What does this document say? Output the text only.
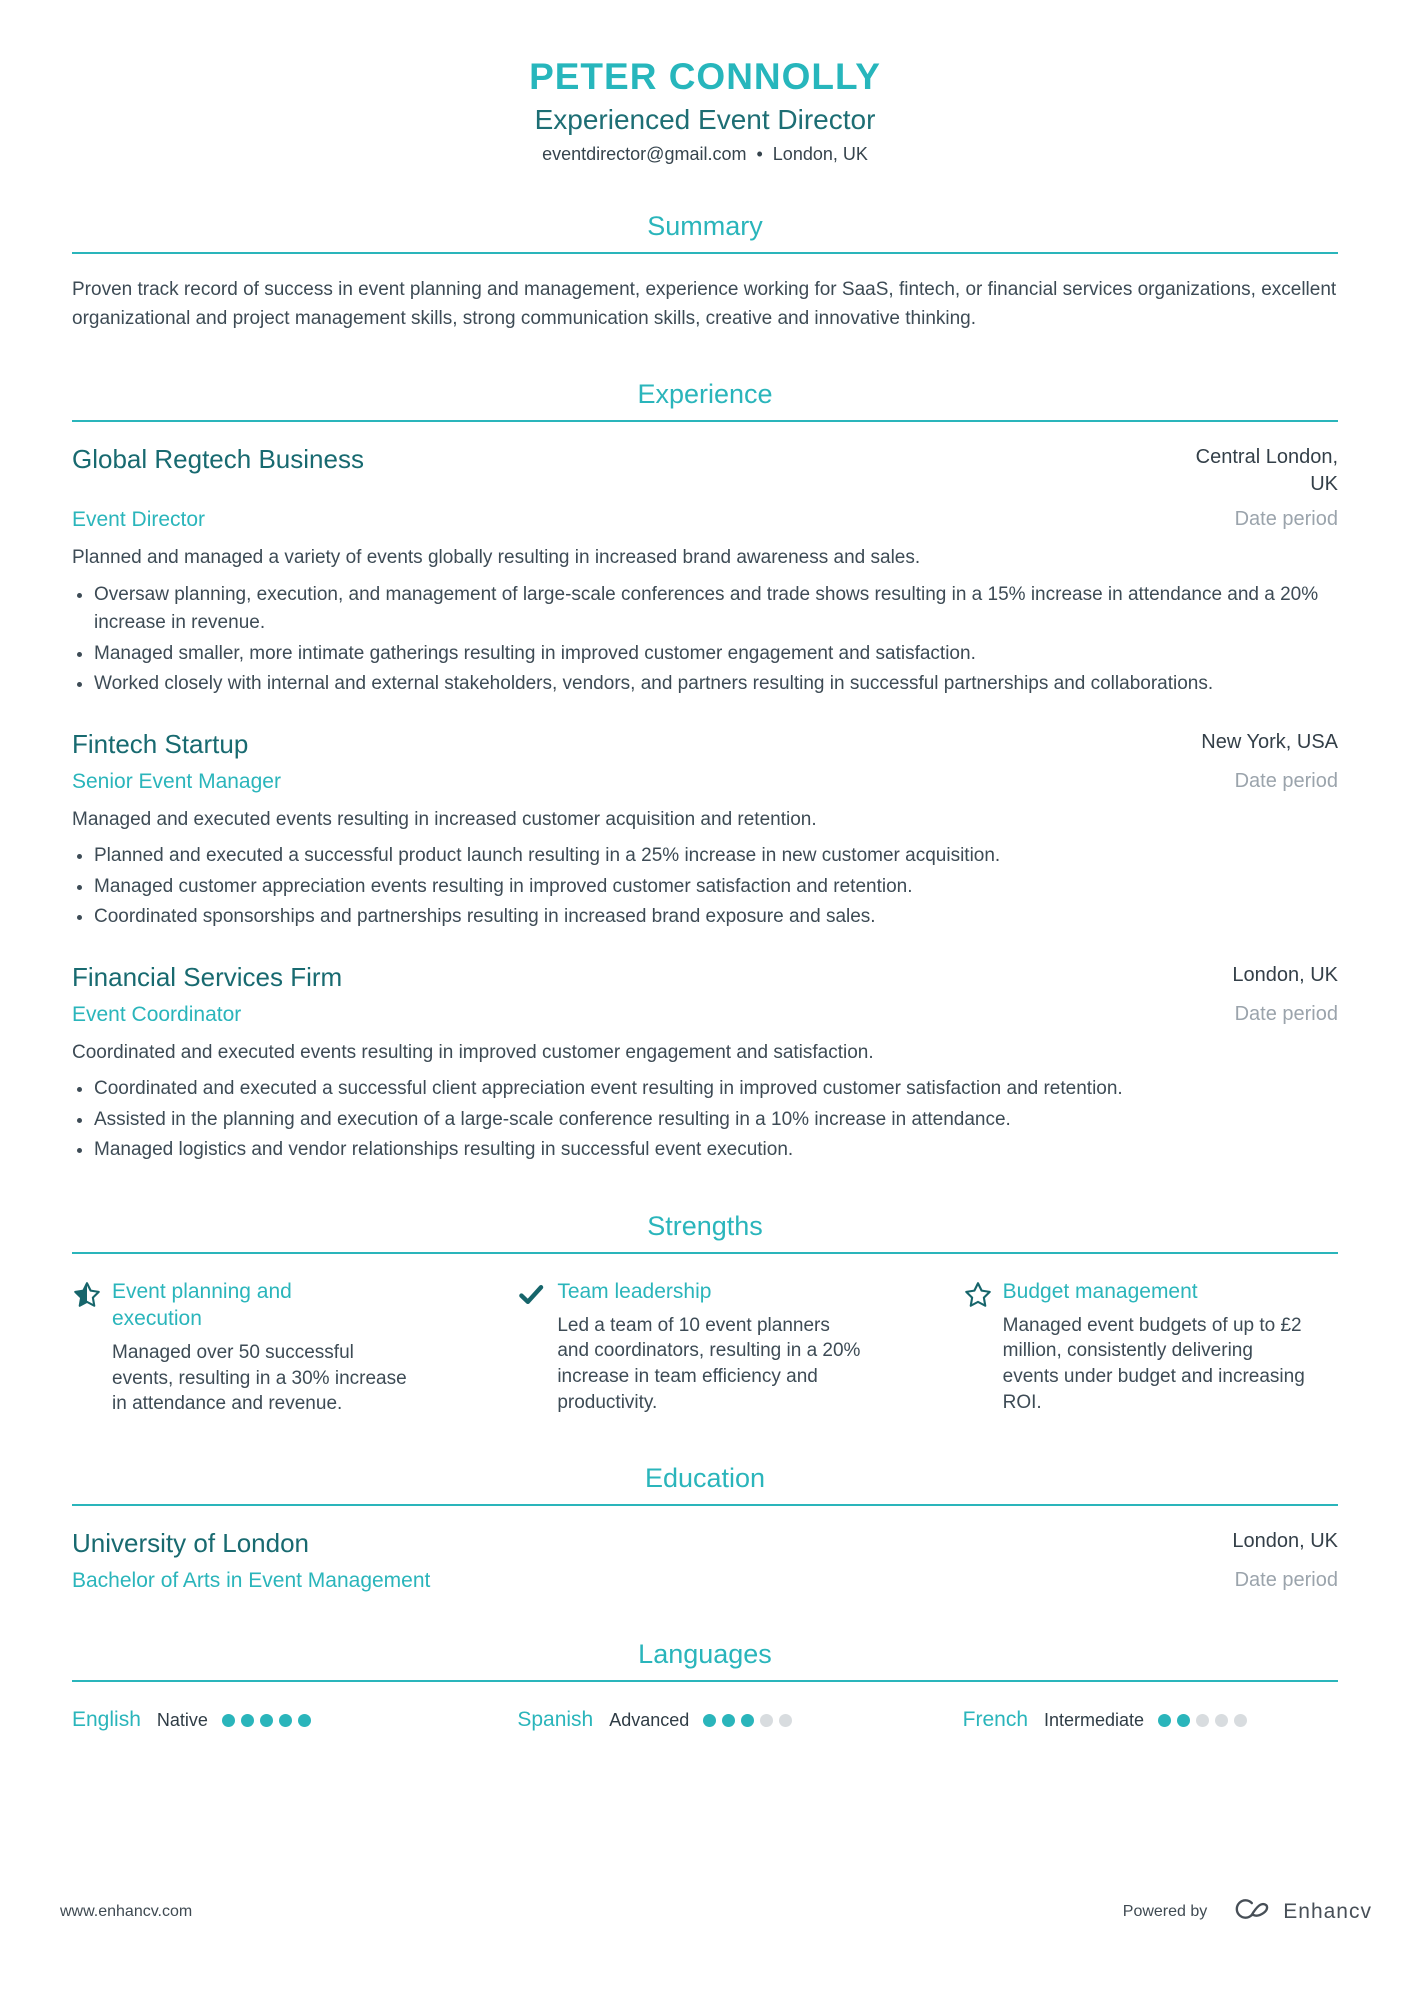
PETER CONNOLLY
Experienced Event Director
eventdirector@gmail.com • London, UK
Summary
Proven track record of success in event planning and management, experience working for SaaS, fintech, or financial services organizations, excellent organizational and project management skills, strong communication skills, creative and innovative thinking.
Experience
Global Regtech Business	Central London, UK
Event Director	Date period
Planned and managed a variety of events globally resulting in increased brand awareness and sales.
• Oversaw planning, execution, and management of large-scale conferences and trade shows resulting in a 15% increase in attendance and a 20% increase in revenue.
• Managed smaller, more intimate gatherings resulting in improved customer engagement and satisfaction.
• Worked closely with internal and external stakeholders, vendors, and partners resulting in successful partnerships and collaborations.
Fintech Startup	New York, USA
Senior Event Manager	Date period
Managed and executed events resulting in increased customer acquisition and retention.
• Planned and executed a successful product launch resulting in a 25% increase in new customer acquisition.
• Managed customer appreciation events resulting in improved customer satisfaction and retention.
• Coordinated sponsorships and partnerships resulting in increased brand exposure and sales.
Financial Services Firm	London, UK
Event Coordinator	Date period
Coordinated and executed events resulting in improved customer engagement and satisfaction.
• Coordinated and executed a successful client appreciation event resulting in improved customer satisfaction and retention.
• Assisted in the planning and execution of a large-scale conference resulting in a 10% increase in attendance.
• Managed logistics and vendor relationships resulting in successful event execution.
Strengths
Event planning and execution
Managed over 50 successful events, resulting in a 30% increase in attendance and revenue.
Team leadership
Led a team of 10 event planners and coordinators, resulting in a 20% increase in team efficiency and productivity.
Budget management
Managed event budgets of up to £2 million, consistently delivering events under budget and increasing ROI.
Education
University of London	London, UK
Bachelor of Arts in Event Management	Date period
Languages
English Native	Spanish Advanced	French Intermediate
www.enhancv.com	Powered by	Enhancv
